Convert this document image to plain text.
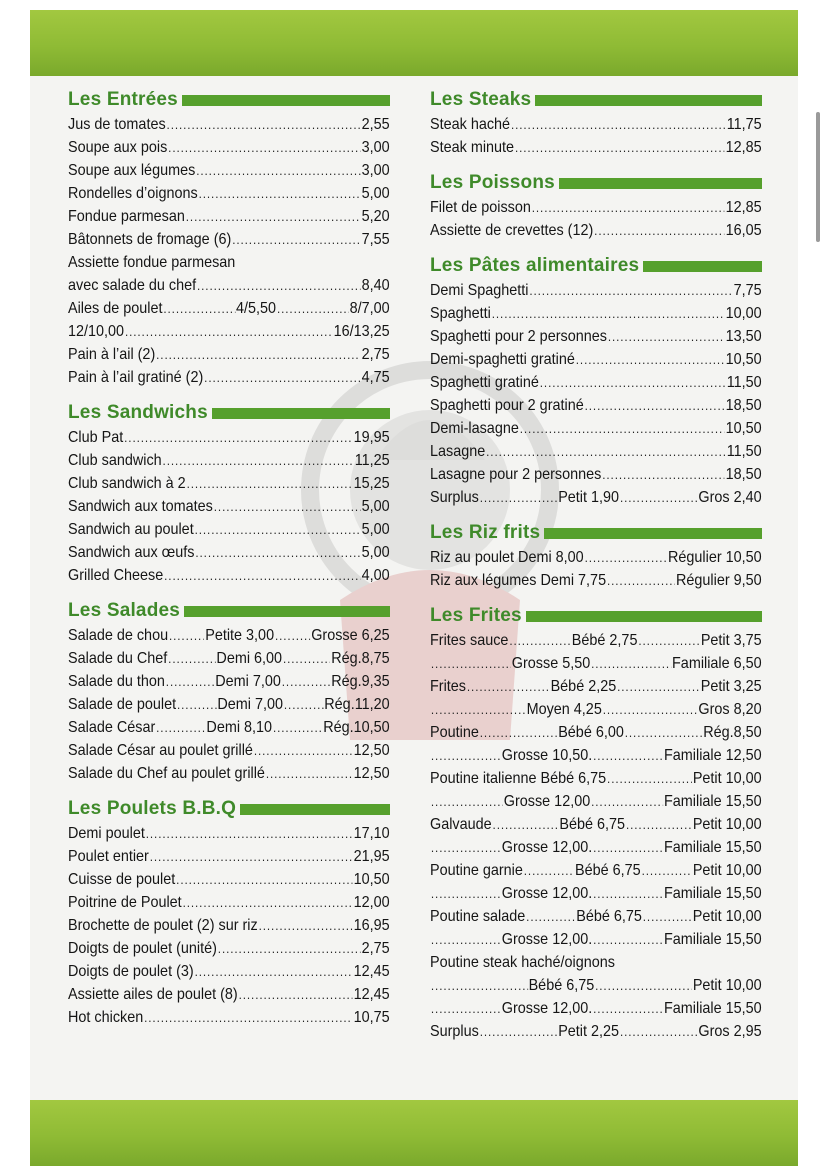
Les Entrées
Jus de tomates .....	2,55
Soupe aux pois .....	3,00
Soupe aux légumes .....	3,00
Rondelles d’oignons .....	5,00
Fondue parmesan .....	5,20
Bâtonnets de fromage (6) .....	7,55
Assiette fondue parmesan
avec salade du chef .....	8,40
Ailes de poulet .....	4/5,50 .....	8/7,00
12/10,00 .....	16/13,25
Pain à l’ail (2) .....	2,75
Pain à l’ail gratiné (2) .....	4,75
Les Sandwichs
Club Pat .....	19,95
Club sandwich .....	11,25
Club sandwich à 2 .....	15,25
Sandwich aux tomates .....	5,00
Sandwich au poulet .....	5,00
Sandwich aux œufs .....	5,00
Grilled Cheese .....	4,00
Les Salades
Salade de chou ..... Petite 3,00 ..... Grosse 6,25
Salade du Chef .....	Demi 6,00 .....	Rég.8,75
Salade du thon .....	Demi 7,00 .....	Rég.9,35
Salade de poulet .....	Demi 7,00 .....	Rég.11,20
Salade César .....	Demi 8,10 .....	Rég.10,50
Salade César au poulet grillé .....	12,50
Salade du Chef au poulet grillé .....	12,50
Les Poulets B.B.Q
Demi poulet .....	17,10
Poulet entier .....	21,95
Cuisse de poulet .....	10,50
Poitrine de Poulet .....	12,00
Brochette de poulet (2) sur riz .....	16,95
Doigts de poulet (unité) .....	2,75
Doigts de poulet (3) .....	12,45
Assiette ailes de poulet (8) .....	12,45
Hot chicken .....	10,75
Les Steaks
Steak haché .....	11,75
Steak minute .....	12,85
Les Poissons
Filet de poisson .....	12,85
Assiette de crevettes (12) .....	16,05
Les Pâtes alimentaires
Demi Spaghetti .....	7,75
Spaghetti .....	10,00
Spaghetti pour 2 personnes .....	13,50
Demi-spaghetti gratiné .....	10,50
Spaghetti gratiné .....	11,50
Spaghetti pour 2 gratiné .....	18,50
Demi-lasagne .....	10,50
Lasagne .....	11,50
Lasagne pour 2 personnes .....	18,50
Surplus .....	Petit 1,90 .....	Gros 2,40
Les Riz frits
Riz au poulet Demi 8,00 .....	Régulier 10,50
Riz aux légumes Demi 7,75 .....	Régulier 9,50
Les Frites
Frites sauce .....	Bébé 2,75 .....	Petit 3,75
.....
Grosse 5,50 .....	Familiale 6,50
Frites .....	Bébé 2,25 .....	Petit 3,25
.....
Moyen 4,25 .....	Gros 8,20
Poutine .....	Bébé 6,00 .....	Rég.8,50
.....
Grosse 10,50. .....	Familiale 12,50
Poutine italienne Bébé 6,75 .....	Petit 10,00
.....
Grosse 12,00 .....	Familiale 15,50
Galvaude .....	Bébé 6,75 .....	Petit 10,00
.....
Grosse 12,00. .....	Familiale 15,50
Poutine garnie .....	Bébé 6,75 .....	Petit 10,00
.....
Grosse 12,00. .....	Familiale 15,50
Poutine salade .....	Bébé 6,75 .....	Petit 10,00
.....
Grosse 12,00. .....	Familiale 15,50
Poutine steak haché/oignons
.....
Bébé 6,75 .....	Petit 10,00
.....
Grosse 12,00. .....	Familiale 15,50
Surplus .....	Petit 2,25 .....	Gros 2,95
